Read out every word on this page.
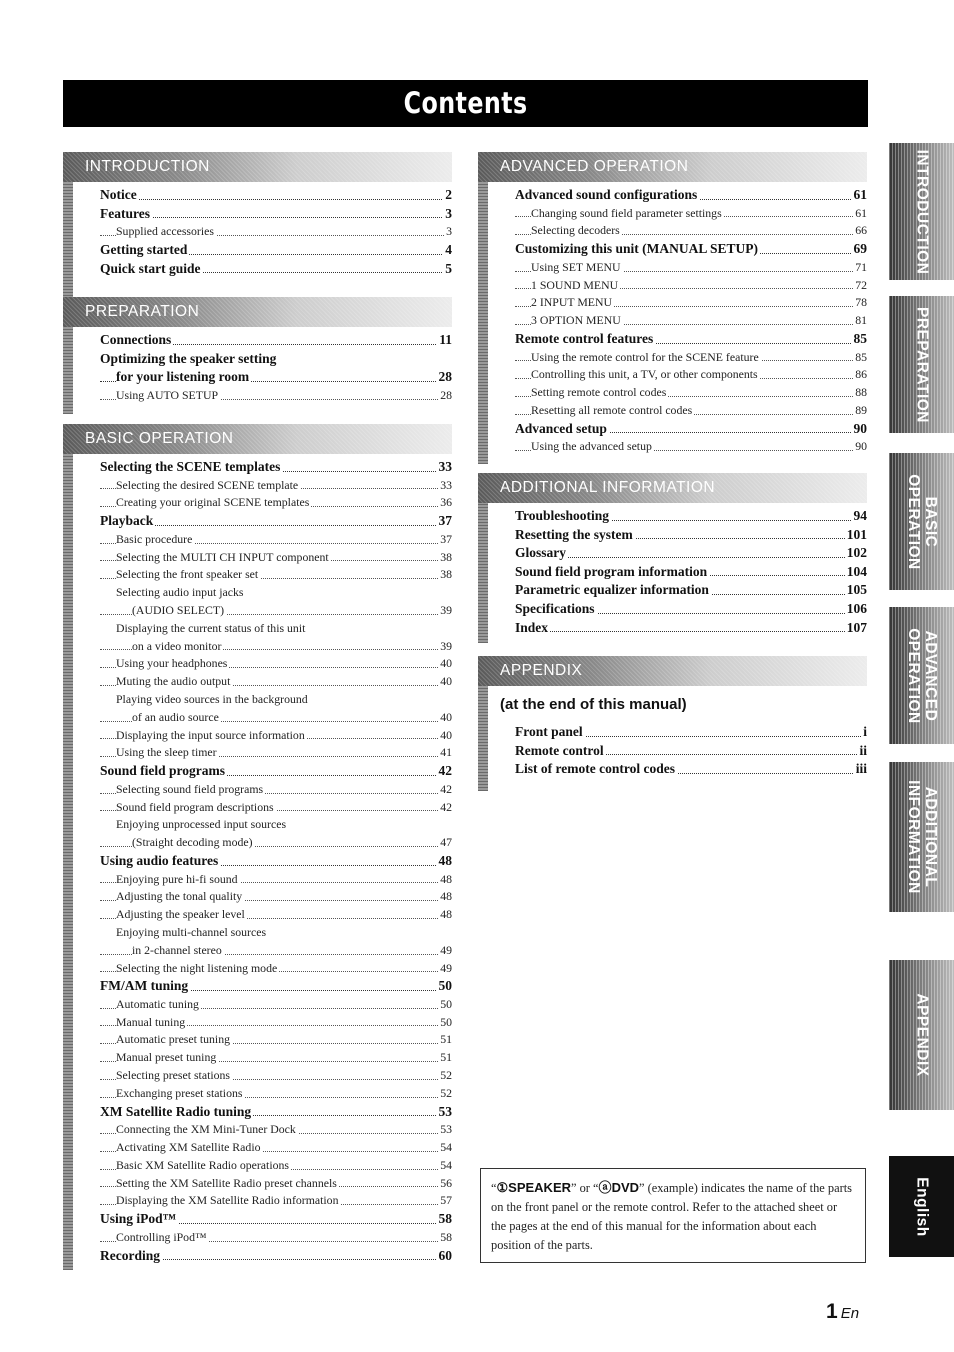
Contents
INTRODUCTION
Notice	2
Features	3
Supplied accessories	3
Getting started	4
Quick start guide	5
PREPARATION
Connections	11
Optimizing the speaker setting
for your listening room	28
Using AUTO SETUP	28
BASIC OPERATION
Selecting the SCENE templates	33
Selecting the desired SCENE template	33
Creating your original SCENE templates	36
Playback	37
Basic procedure	37
Selecting the MULTI CH INPUT component	38
Selecting the front speaker set	38
Selecting audio input jacks
(AUDIO SELECT)	39
Displaying the current status of this unit
on a video monitor	39
Using your headphones	40
Muting the audio output	40
Playing video sources in the background
of an audio source	40
Displaying the input source information	40
Using the sleep timer	41
Sound field programs	42
Selecting sound field programs	42
Sound field program descriptions	42
Enjoying unprocessed input sources
(Straight decoding mode)	47
Using audio features	48
Enjoying pure hi-fi sound	48
Adjusting the tonal quality	48
Adjusting the speaker level	48
Enjoying multi-channel sources
in 2-channel stereo	49
Selecting the night listening mode	49
FM/AM tuning	50
Automatic tuning	50
Manual tuning	50
Automatic preset tuning	51
Manual preset tuning	51
Selecting preset stations	52
Exchanging preset stations	52
XM Satellite Radio tuning	53
Connecting the XM Mini-Tuner Dock	53
Activating XM Satellite Radio	54
Basic XM Satellite Radio operations	54
Setting the XM Satellite Radio preset channels	56
Displaying the XM Satellite Radio information	57
Using iPod™	58
Controlling iPod™	58
Recording	60
ADVANCED OPERATION
Advanced sound configurations	61
Changing sound field parameter settings	61
Selecting decoders	66
Customizing this unit (MANUAL SETUP)	69
Using SET MENU	71
1 SOUND MENU	72
2 INPUT MENU	78
3 OPTION MENU	81
Remote control features	85
Using the remote control for the SCENE feature	85
Controlling this unit, a TV, or other components	86
Setting remote control codes	88
Resetting all remote control codes	89
Advanced setup	90
Using the advanced setup	90
ADDITIONAL INFORMATION
Troubleshooting	94
Resetting the system	101
Glossary	102
Sound field program information	104
Parametric equalizer information	105
Specifications	106
Index	107
APPENDIX
(at the end of this manual)
Front panel	i
Remote control	ii
List of remote control codes	iii
INTRODUCTION
PREPARATION
BASIC
OPERATION
ADVANCED
OPERATION
ADDITIONAL
INFORMATION
APPENDIX
English
“①SPEAKER” or “ⓐDVD” (example) indicates the name of the parts on the front panel or the remote control. Refer to the attached sheet or the pages at the end of this manual for the information about each position of the parts.
1 En
